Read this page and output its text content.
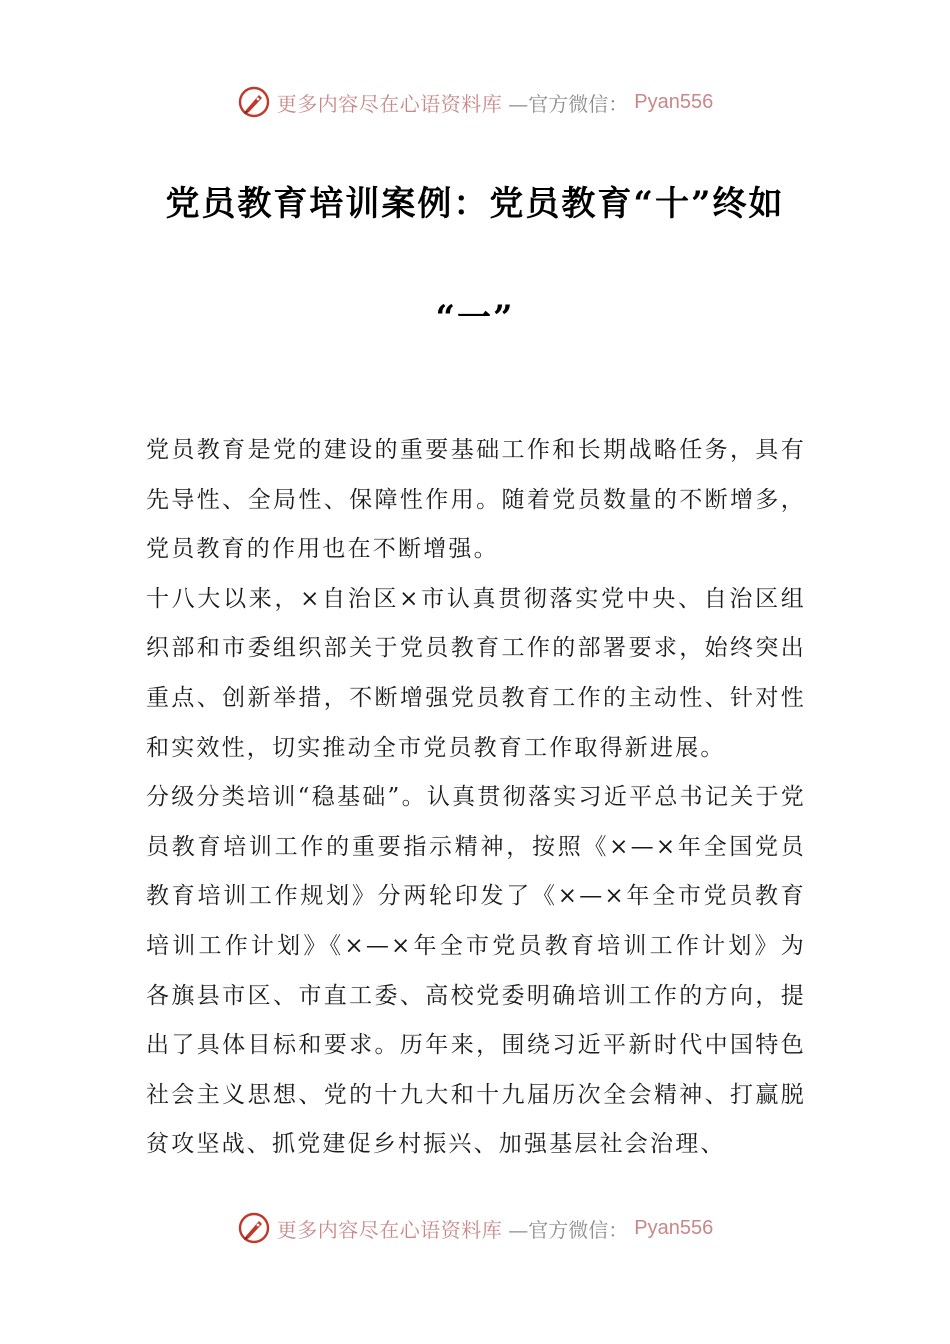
更多内容尽在心语资料库 —官方微信： Pyan556
党员教育培训案例：党员教育“十”终如
“一”

党员教育是党的建设的重要基础工作和长期战略任务，具有先导性、全局性、保障性作用。随着党员数量的不断增多，党员教育的作用也在不断增强。

十八大以来，×自治区×市认真贯彻落实党中央、自治区组织部和市委组织部关于党员教育工作的部署要求，始终突出重点、创新举措，不断增强党员教育工作的主动性、针对性和实效性，切实推动全市党员教育工作取得新进展。

分级分类培训“稳基础”。认真贯彻落实习近平总书记关于党员教育培训工作的重要指示精神，按照《×—×年全国党员教育培训工作规划》分两轮印发了《×—×年全市党员教育培训工作计划》《×—×年全市党员教育培训工作计划》为各旗县市区、市直工委、高校党委明确培训工作的方向，提出了具体目标和要求。历年来，围绕习近平新时代中国特色社会主义思想、党的十九大和十九届历次全会精神、打赢脱贫攻坚战、抓党建促乡村振兴、加强基层社会治理、

更多内容尽在心语资料库 —官方微信： Pyan556
